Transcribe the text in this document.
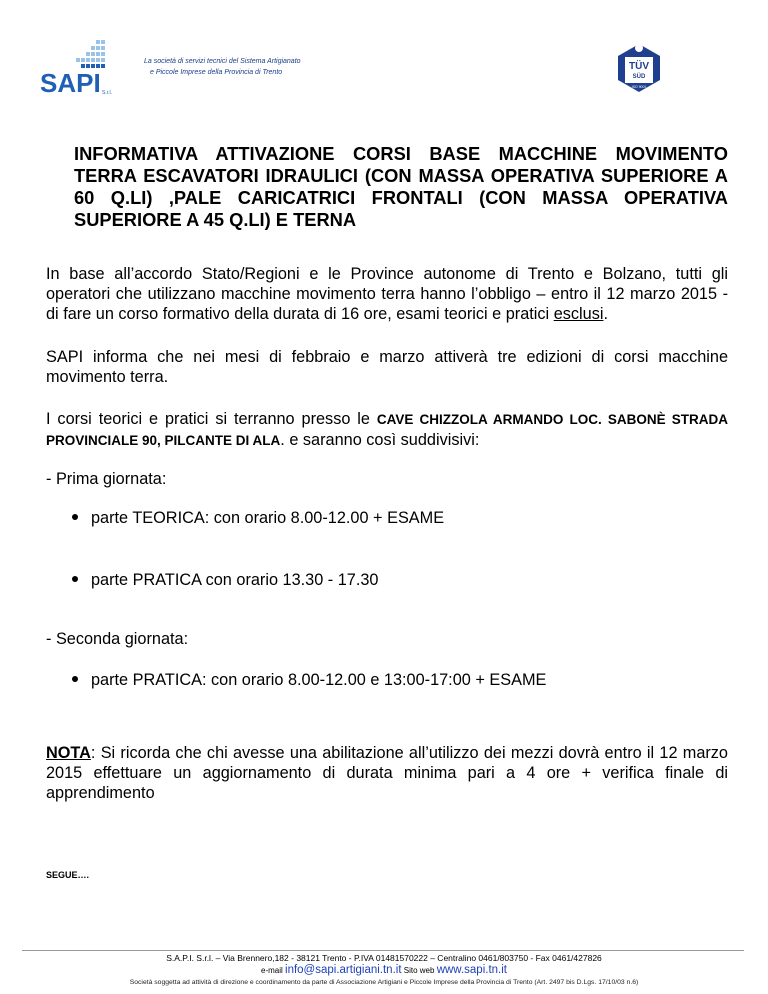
SAPI S.r.l.
La società di servizi tecnici del Sistema Artigianato
e Piccole Imprese della Provincia di Trento
TÜV
SÜD
ISO 9001
INFORMATIVA ATTIVAZIONE CORSI BASE MACCHINE MOVIMENTO TERRA ESCAVATORI IDRAULICI (CON MASSA OPERATIVA SUPERIORE A 60 Q.LI) ,PALE CARICATRICI FRONTALI (CON MASSA OPERATIVA SUPERIORE A 45 Q.LI) E TERNA
In base all’accordo Stato/Regioni e le Province autonome di Trento e Bolzano, tutti gli operatori che utilizzano macchine movimento terra hanno l’obbligo – entro il 12 marzo 2015 - di fare un corso formativo della durata di 16 ore, esami teorici e pratici esclusi.
SAPI informa che nei mesi di febbraio e marzo attiverà tre edizioni di corsi macchine movimento terra.
I corsi teorici e pratici si terranno presso le CAVE CHIZZOLA ARMANDO LOC. SABONÈ STRADA PROVINCIALE 90, PILCANTE DI ALA. e saranno così suddivisivi:
- Prima giornata:
parte TEORICA: con orario 8.00-12.00 + ESAME
parte PRATICA con orario 13.30 - 17.30
- Seconda giornata:
parte PRATICA: con orario 8.00-12.00 e 13:00-17:00 + ESAME
NOTA: Si ricorda che chi avesse una abilitazione all’utilizzo dei mezzi dovrà entro il 12 marzo 2015 effettuare un aggiornamento di durata minima pari a 4 ore + verifica finale di apprendimento
SEGUE….
S.A.P.I. S.r.l. – Via Brennero,182 - 38121 Trento - P.IVA 01481570222 – Centralino 0461/803750 - Fax 0461/427826
e-mail info@sapi.artigiani.tn.it Sito web www.sapi.tn.it
Società soggetta ad attività di direzione e coordinamento da parte di Associazione Artigiani e Piccole Imprese della Provincia di Trento (Art. 2497 bis D.Lgs. 17/10/03 n.6)
